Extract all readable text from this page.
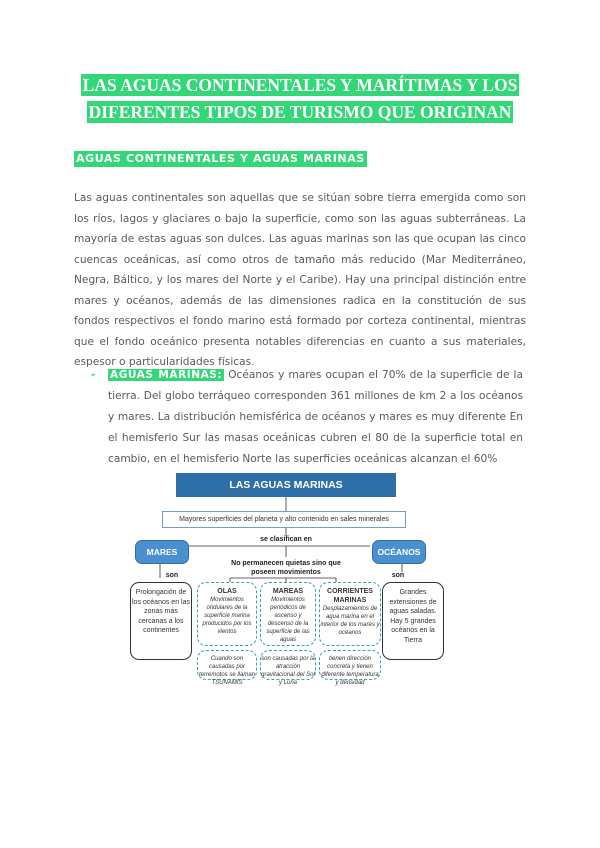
LAS AGUAS CONTINENTALES Y MARÍTIMAS Y LOS
DIFERENTES TIPOS DE TURISMO QUE ORIGINAN
AGUAS CONTINENTALES Y AGUAS MARINAS

Las aguas continentales son aquellas que se sitúan sobre tierra emergida como son los ríos, lagos y glaciares o bajo la superficie, como son las aguas subterráneas. La mayoría de estas aguas son dulces. Las aguas marinas son las que ocupan las cinco cuencas oceánicas, así como otros de tamaño más reducido (Mar Mediterráneo, Negra, Báltico, y los mares del Norte y el Caribe). Hay una principal distinción entre mares y océanos, además de las dimensiones radica en la constitución de sus fondos respectivos el fondo marino está formado por corteza continental, mientras que el fondo oceánico presenta notables diferencias en cuanto a sus materiales, espesor o particularidades físicas.

- AGUAS MARINAS: Océanos y mares ocupan el 70% de la superficie de la tierra. Del globo terráqueo corresponden 361 millones de km 2 a los océanos y mares. La distribución hemisférica de océanos y mares es muy diferente En el hemisferio Sur las masas oceánicas cubren el 80 de la superficie total en cambio, en el hemisferio Norte las superficies oceánicas alcanzan el 60%
LAS AGUAS MARINAS
Mayores superficies del planeta y alto contenido en sales minerales
se clasifican en
MARES	OCÉANOS
son	son
No permanecen quietas sino que
poseen movimientos
Prolongación de los océanos en las zonas más cercanas a los continentes
Grandes extensiones de aguas saladas. Hay 5 grandes océanos en la Tierra
OLAS
Movimientos ondulares de la superficie marina producidos por los vientos
MAREAS
Movimientos periódicos de ascenso y descenso de la superficie de las aguas
CORRIENTES MARINAS
Desplazamientos de agua marina en el interior de los mares y océanos
Cuando son causadas por terremotos se llaman TSUNAMIS
son causadas por la atracción gravitacional del Sol y Luna
tienen dirección concreta y tienen diferente temperatura y densidad
